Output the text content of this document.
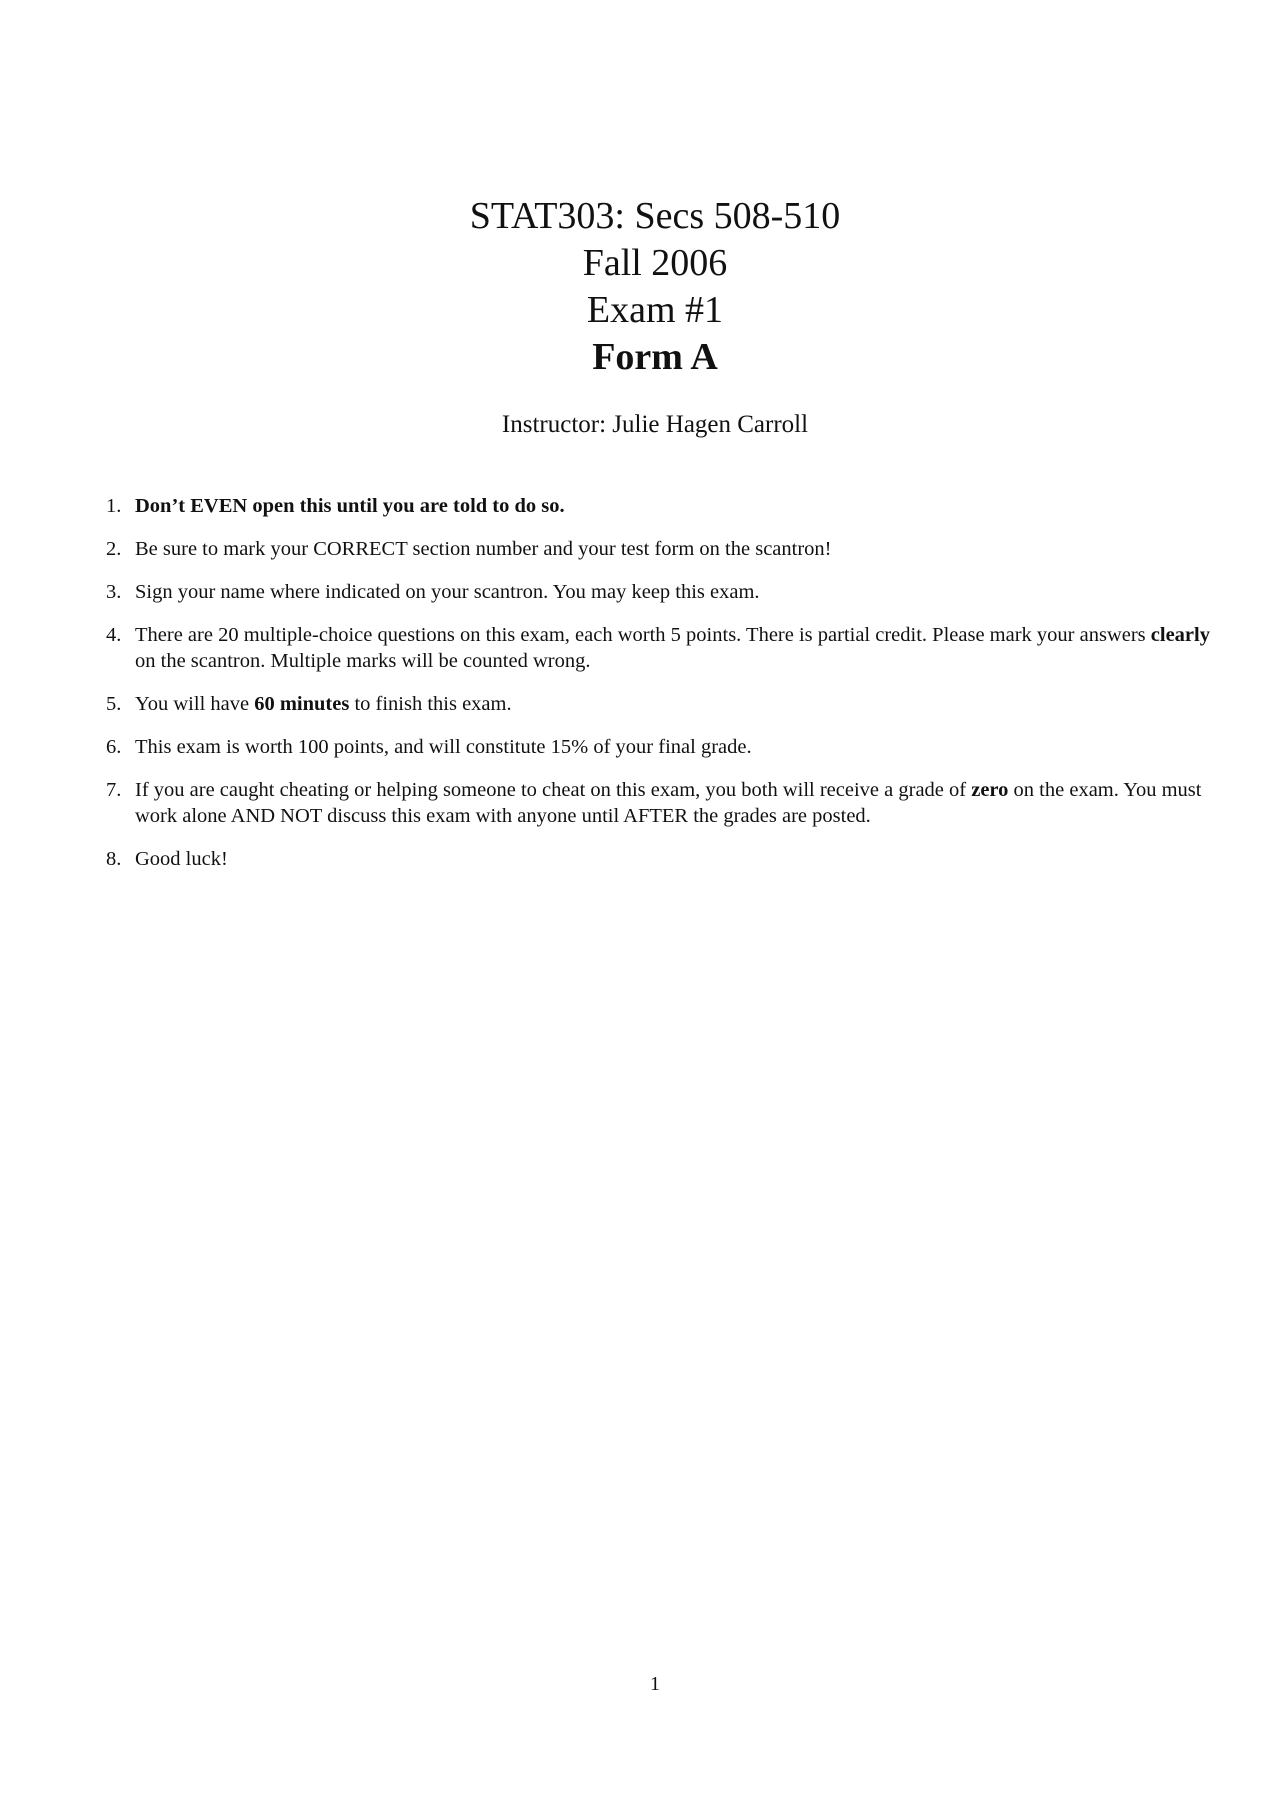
STAT303: Secs 508-510
Fall 2006
Exam #1
Form A
Instructor: Julie Hagen Carroll
1. Don’t EVEN open this until you are told to do so.
2. Be sure to mark your CORRECT section number and your test form on the scantron!
3. Sign your name where indicated on your scantron. You may keep this exam.
4. There are 20 multiple-choice questions on this exam, each worth 5 points. There is partial credit. Please mark your answers clearly on the scantron. Multiple marks will be counted wrong.
5. You will have 60 minutes to finish this exam.
6. This exam is worth 100 points, and will constitute 15% of your final grade.
7. If you are caught cheating or helping someone to cheat on this exam, you both will receive a grade of zero on the exam. You must work alone AND NOT discuss this exam with anyone until AFTER the grades are posted.
8. Good luck!
1
